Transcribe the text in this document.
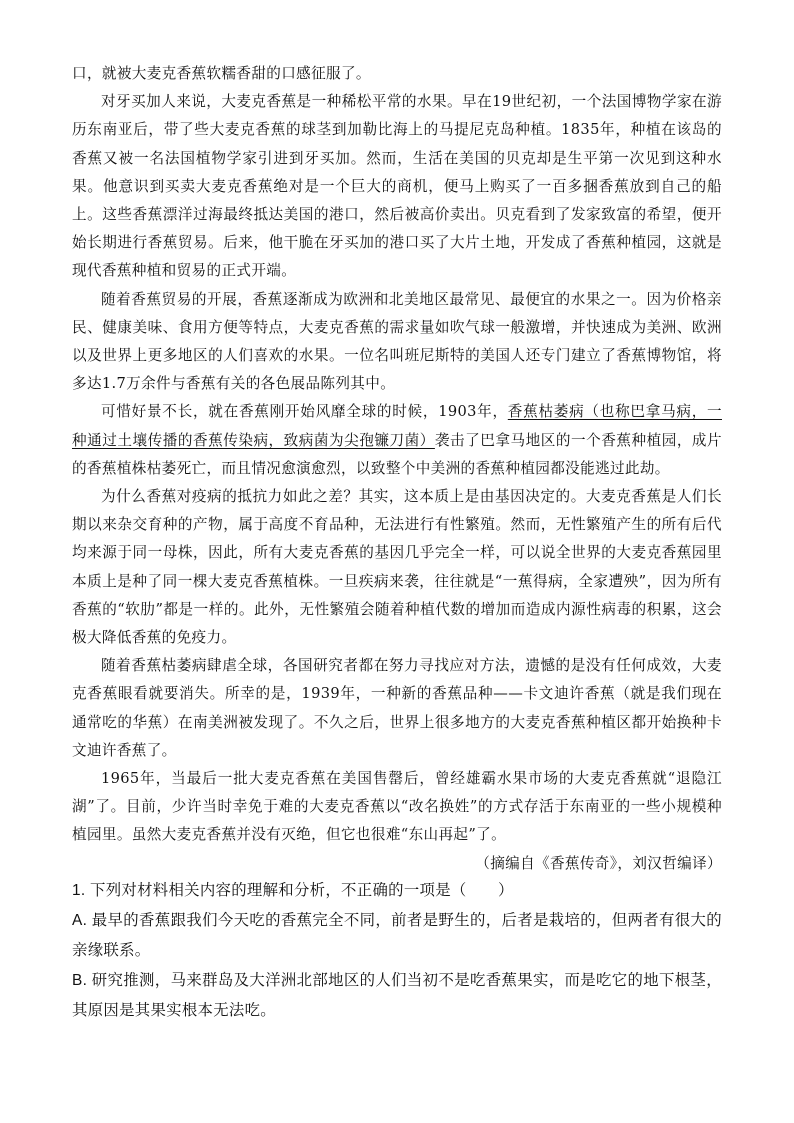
口，就被大麦克香蕉软糯香甜的口感征服了。

对牙买加人来说，大麦克香蕉是一种稀松平常的水果。早在19世纪初，一个法国博物学家在游历东南亚后，带了些大麦克香蕉的球茎到加勒比海上的马提尼克岛种植。1835年，种植在该岛的香蕉又被一名法国植物学家引进到牙买加。然而，生活在美国的贝克却是生平第一次见到这种水果。他意识到买卖大麦克香蕉绝对是一个巨大的商机，便马上购买了一百多捆香蕉放到自己的船上。这些香蕉漂洋过海最终抵达美国的港口，然后被高价卖出。贝克看到了发家致富的希望，便开始长期进行香蕉贸易。后来，他干脆在牙买加的港口买了大片土地，开发成了香蕉种植园，这就是现代香蕉种植和贸易的正式开端。

随着香蕉贸易的开展，香蕉逐渐成为欧洲和北美地区最常见、最便宜的水果之一。因为价格亲民、健康美味、食用方便等特点，大麦克香蕉的需求量如吹气球一般激增，并快速成为美洲、欧洲以及世界上更多地区的人们喜欢的水果。一位名叫班尼斯特的美国人还专门建立了香蕉博物馆，将多达1.7万余件与香蕉有关的各色展品陈列其中。

可惜好景不长，就在香蕉刚开始风靡全球的时候，1903年，香蕉枯萎病（也称巴拿马病，一种通过土壤传播的香蕉传染病，致病菌为尖孢镰刀菌）袭击了巴拿马地区的一个香蕉种植园，成片的香蕉植株枯萎死亡，而且情况愈演愈烈，以致整个中美洲的香蕉种植园都没能逃过此劫。

为什么香蕉对疫病的抵抗力如此之差？其实，这本质上是由基因决定的。大麦克香蕉是人们长期以来杂交育种的产物，属于高度不育品种，无法进行有性繁殖。然而，无性繁殖产生的所有后代均来源于同一母株，因此，所有大麦克香蕉的基因几乎完全一样，可以说全世界的大麦克香蕉园里本质上是种了同一棵大麦克香蕉植株。一旦疾病来袭，往往就是“一蕉得病，全家遭殃”，因为所有香蕉的“软肋”都是一样的。此外，无性繁殖会随着种植代数的增加而造成内源性病毒的积累，这会极大降低香蕉的免疫力。

随着香蕉枯萎病肆虐全球，各国研究者都在努力寻找应对方法，遗憾的是没有任何成效，大麦克香蕉眼看就要消失。所幸的是，1939年，一种新的香蕉品种——卡文迪许香蕉（就是我们现在通常吃的华蕉）在南美洲被发现了。不久之后，世界上很多地方的大麦克香蕉种植区都开始换种卡文迪许香蕉了。

1965年，当最后一批大麦克香蕉在美国售罄后，曾经雄霸水果市场的大麦克香蕉就“退隐江湖”了。目前，少许当时幸免于难的大麦克香蕉以“改名换姓”的方式存活于东南亚的一些小规模种植园里。虽然大麦克香蕉并没有灭绝，但它也很难“东山再起”了。

（摘编自《香蕉传奇》，刘汉哲编译）

1. 下列对材料相关内容的理解和分析，不正确的一项是（　　）

A. 最早的香蕉跟我们今天吃的香蕉完全不同，前者是野生的，后者是栽培的，但两者有很大的亲缘联系。

B. 研究推测，马来群岛及大洋洲北部地区的人们当初不是吃香蕉果实，而是吃它的地下根茎，其原因是其果实根本无法吃。
